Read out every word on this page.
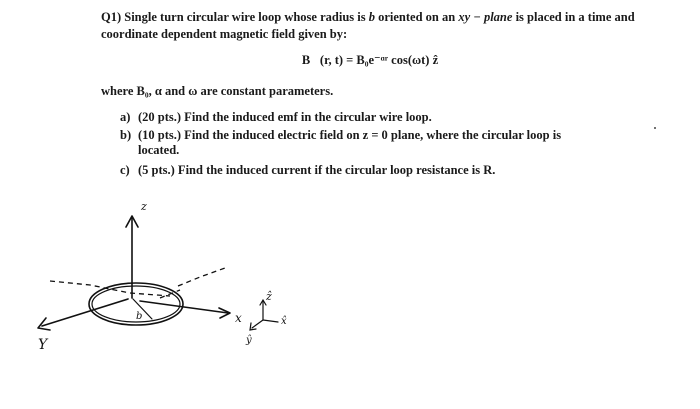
Q1) Single turn circular wire loop whose radius is b oriented on an xy − plane is placed in a time and coordinate dependent magnetic field given by:
B⃗(r, t) = B₀e⁻ᵅʳ cos(ωt) ẑ
where B₀, α and ω are constant parameters.
a) (20 pts.) Find the induced emf in the circular wire loop.
b) (10 pts.) Find the induced electric field on z = 0 plane, where the circular loop is located.
c) (5 pts.) Find the induced current if the circular loop resistance is R.
z
b
Y
x
ẑ
x̂
ŷ
